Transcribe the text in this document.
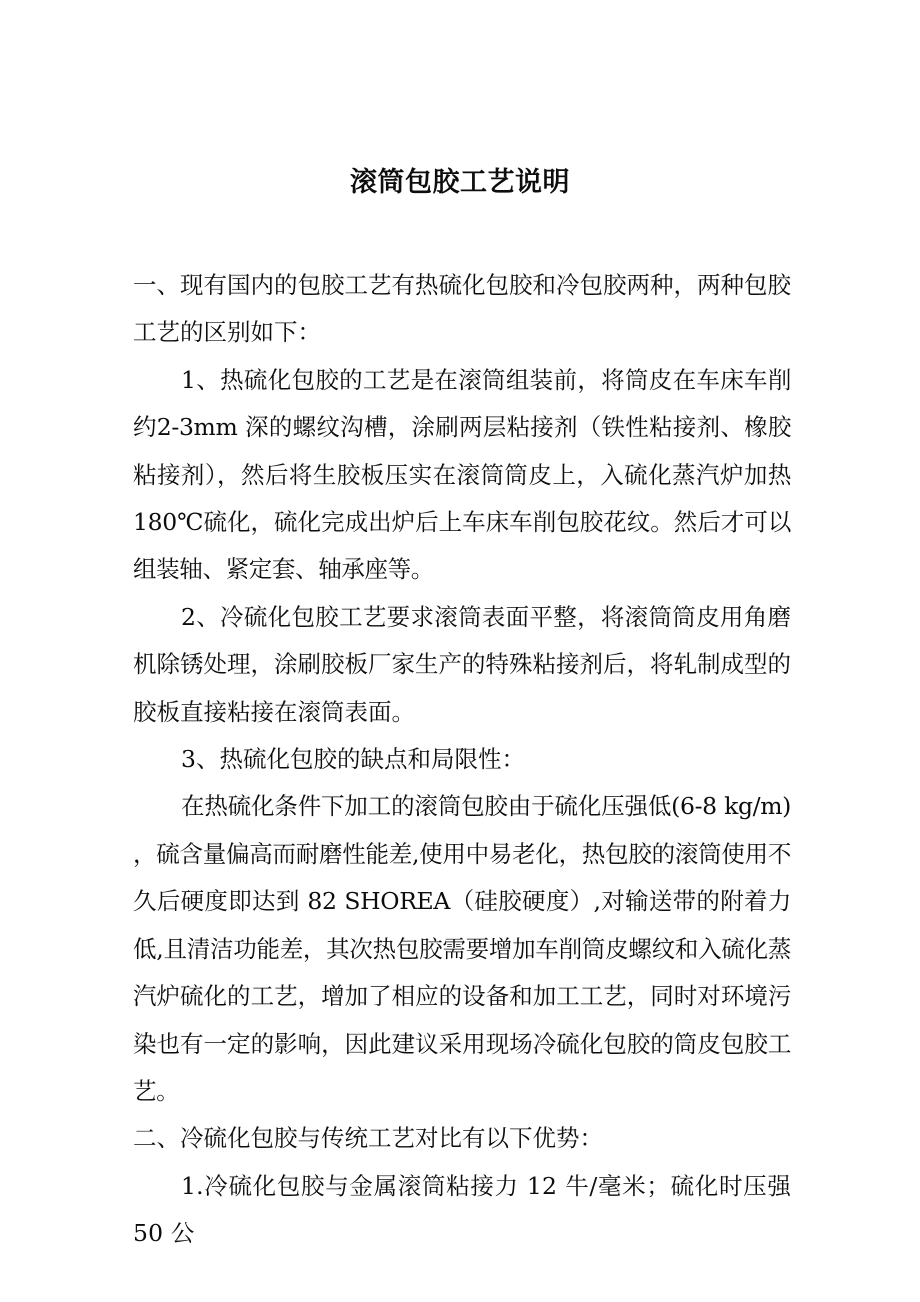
滚筒包胶工艺说明

一、现有国内的包胶工艺有热硫化包胶和冷包胶两种，两种包胶工艺的区别如下：

1、热硫化包胶的工艺是在滚筒组装前，将筒皮在车床车削约2-3mm 深的螺纹沟槽，涂刷两层粘接剂（铁性粘接剂、橡胶粘接剂），然后将生胶板压实在滚筒筒皮上，入硫化蒸汽炉加热 180℃硫化，硫化完成出炉后上车床车削包胶花纹。然后才可以组装轴、紧定套、轴承座等。

2、冷硫化包胶工艺要求滚筒表面平整，将滚筒筒皮用角磨机除锈处理，涂刷胶板厂家生产的特殊粘接剂后，将轧制成型的胶板直接粘接在滚筒表面。

3、热硫化包胶的缺点和局限性：

在热硫化条件下加工的滚筒包胶由于硫化压强低(6-8 kg/m) ，硫含量偏高而耐磨性能差,使用中易老化，热包胶的滚筒使用不久后硬度即达到 82 SHOREA（硅胶硬度）,对输送带的附着力低,且清洁功能差，其次热包胶需要增加车削筒皮螺纹和入硫化蒸汽炉硫化的工艺，增加了相应的设备和加工工艺，同时对环境污染也有一定的影响，因此建议采用现场冷硫化包胶的筒皮包胶工艺。

二、冷硫化包胶与传统工艺对比有以下优势：

1.冷硫化包胶与金属滚筒粘接力 12 牛/毫米；硫化时压强 50 公
